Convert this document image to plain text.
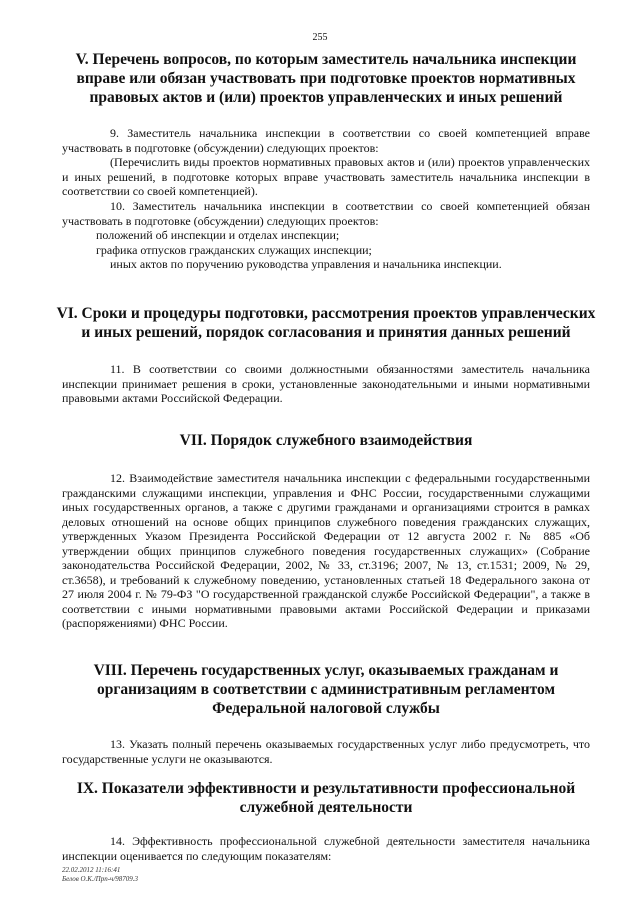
255
V. Перечень вопросов, по которым заместитель начальника инспекции вправе или обязан участвовать при подготовке проектов нормативных правовых актов и (или) проектов управленческих и иных решений
9. Заместитель начальника инспекции в соответствии со своей компетенцией вправе участвовать в подготовке (обсуждении) следующих проектов:
(Перечислить виды проектов нормативных правовых актов и (или) проектов управленческих и иных решений, в подготовке которых вправе участвовать заместитель начальника инспекции в соответствии со своей компетенцией).
10. Заместитель начальника инспекции в соответствии со своей компетенцией обязан участвовать в подготовке (обсуждении) следующих проектов:
положений об инспекции и отделах инспекции;
графика отпусков гражданских служащих инспекции;
иных актов по поручению руководства управления и начальника инспекции.
VI. Сроки и процедуры подготовки, рассмотрения проектов управленческих и иных решений, порядок согласования и принятия данных решений
11. В соответствии со своими должностными обязанностями заместитель начальника инспекции принимает решения в сроки, установленные законодательными и иными нормативными правовыми актами Российской Федерации.
VII. Порядок служебного взаимодействия
12. Взаимодействие заместителя начальника инспекции с федеральными государственными гражданскими служащими инспекции, управления и ФНС России, государственными служащими иных государственных органов, а также с другими гражданами и организациями строится в рамках деловых отношений на основе общих принципов служебного поведения гражданских служащих, утвержденных Указом Президента Российской Федерации от 12 августа 2002 г. № 885 «Об утверждении общих принципов служебного поведения государственных служащих» (Собрание законодательства Российской Федерации, 2002, № 33, ст.3196; 2007, № 13, ст.1531; 2009, № 29, ст.3658), и требований к служебному поведению, установленных статьей 18 Федерального закона от 27 июля 2004 г. № 79-ФЗ "О государственной гражданской службе Российской Федерации", а также в соответствии с иными нормативными правовыми актами Российской Федерации и приказами (распоряжениями) ФНС России.
VIII. Перечень государственных услуг, оказываемых гражданам и организациям в соответствии с административным регламентом Федеральной налоговой службы
13. Указать полный перечень оказываемых государственных услуг либо предусмотреть, что государственные услуги не оказываются.
IX. Показатели эффективности и результативности профессиональной служебной деятельности
14. Эффективность профессиональной служебной деятельности заместителя начальника инспекции оценивается по следующим показателям:
22.02.2012 11:16:41
Белов О.К./Прп-ч/98709.3
